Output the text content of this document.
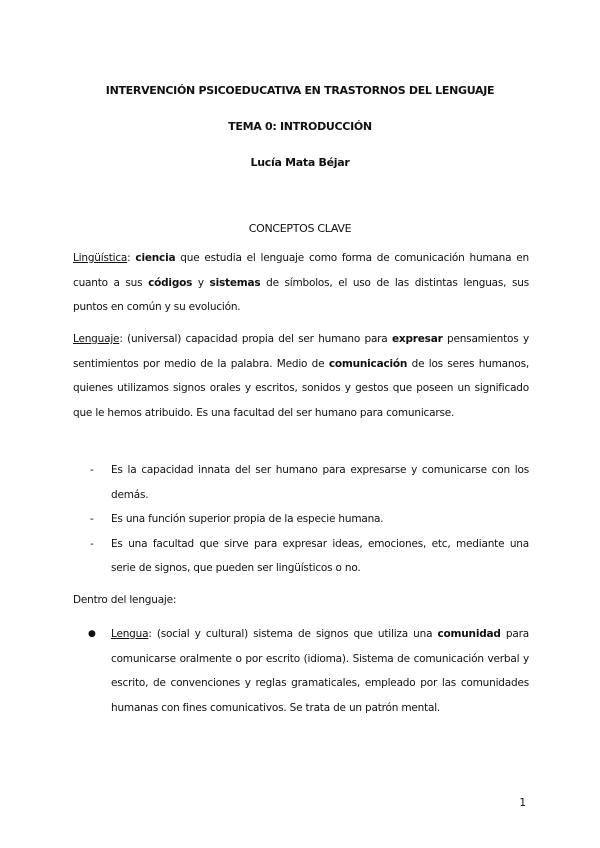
INTERVENCIÓN PSICOEDUCATIVA EN TRASTORNOS DEL LENGUAJE
TEMA 0: INTRODUCCIÓN
Lucía Mata Béjar
CONCEPTOS CLAVE
Lingüística: ciencia que estudia el lenguaje como forma de comunicación humana en cuanto a sus códigos y sistemas de símbolos, el uso de las distintas lenguas, sus puntos en común y su evolución.
Lenguaje: (universal) capacidad propia del ser humano para expresar pensamientos y sentimientos por medio de la palabra. Medio de comunicación de los seres humanos, quienes utilizamos signos orales y escritos, sonidos y gestos que poseen un significado que le hemos atribuido. Es una facultad del ser humano para comunicarse.
- Es la capacidad innata del ser humano para expresarse y comunicarse con los demás.
- Es una función superior propia de la especie humana.
- Es una facultad que sirve para expresar ideas, emociones, etc, mediante una serie de signos, que pueden ser lingüísticos o no.
Dentro del lenguaje:
● Lengua: (social y cultural) sistema de signos que utiliza una comunidad para comunicarse oralmente o por escrito (idioma). Sistema de comunicación verbal y escrito, de convenciones y reglas gramaticales, empleado por las comunidades humanas con fines comunicativos. Se trata de un patrón mental.
1
